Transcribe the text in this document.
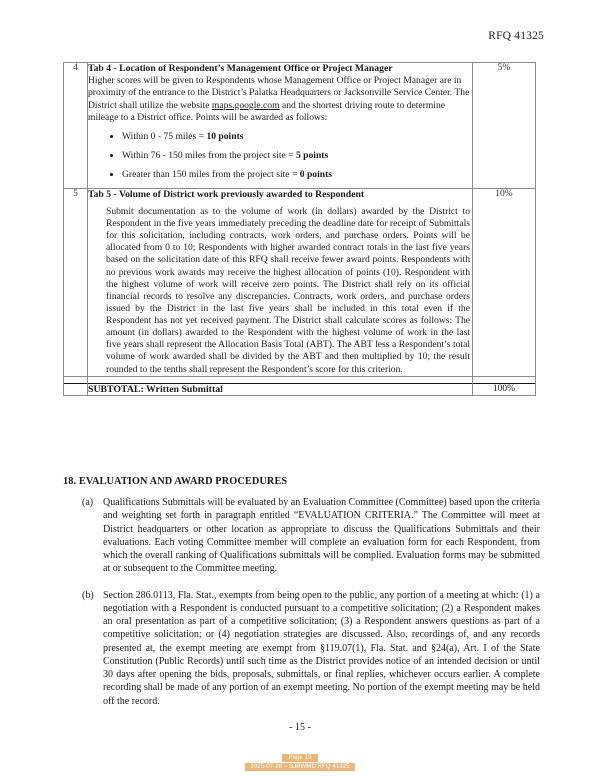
RFQ 41325
4	Tab 4 - Location of Respondent’s Management Office or Project Manager
Higher scores will be given to Respondents whose Management Office or Project Manager are in proximity of the entrance to the District’s Palatka Headquarters or Jacksonville Service Center. The District shall utilize the website maps.google.com and the shortest driving route to determine mileage to a District office. Points will be awarded as follows:
• Within 0 - 75 miles = 10 points
• Within 76 - 150 miles from the project site = 5 points
• Greater than 150 miles from the project site = 0 points
	5%
5	Tab 5 - Volume of District work previously awarded to Respondent
Submit documentation as to the volume of work (in dollars) awarded by the District to Respondent in the five years immediately preceding the deadline date for receipt of Submittals for this solicitation, including contracts, work orders, and purchase orders. Points will be allocated from 0 to 10; Respondents with higher awarded contract totals in the last five years based on the solicitation date of this RFQ shall receive fewer award points. Respondents with no previous work awards may receive the highest allocation of points (10). Respondent with the highest volume of work will receive zero points. The District shall rely on its official financial records to resolve any discrepancies. Contracts, work orders, and purchase orders issued by the District in the last five years shall be included in this total even if the Respondent has not yet received payment. The District shall calculate scores as follows: The amount (in dollars) awarded to the Respondent with the highest volume of work in the last five years shall represent the Allocation Basis Total (ABT). The ABT less a Respondent’s total volume of work awarded shall be divided by the ABT and then multiplied by 10; the result rounded to the tenths shall represent the Respondent’s score for this criterion.	10%

	SUBTOTAL: Written Submittal	100%
18. EVALUATION AND AWARD PROCEDURES
(a) Qualifications Submittals will be evaluated by an Evaluation Committee (Committee) based upon the criteria and weighting set forth in paragraph entitled “EVALUATION CRITERIA.” The Committee will meet at District headquarters or other location as appropriate to discuss the Qualifications Submittals and their evaluations. Each voting Committee member will complete an evaluation form for each Respondent, from which the overall ranking of Qualifications submittals will be complied. Evaluation forms may be submitted at or subsequent to the Committee meeting.
(b) Section 286.0113, Fla. Stat., exempts from being open to the public, any portion of a meeting at which: (1) a negotiation with a Respondent is conducted pursuant to a competitive solicitation; (2) a Respondent makes an oral presentation as part of a competitive solicitation; (3) a Respondent answers questions as part of a competitive solicitation; or (4) negotiation strategies are discussed. Also, recordings of, and any records presented at, the exempt meeting are exempt from §119.07(1), Fla. Stat. and §24(a), Art. I of the State Constitution (Public Records) until such time as the District provides notice of an intended decision or until 30 days after opening the bids, proposals, submittals, or final replies, whichever occurs earlier. A complete recording shall be made of any portion of an exempt meeting. No portion of the exempt meeting may be held off the record.
- 15 -
Page 15
2025-07-28 – SJRWMD RFQ 41325
